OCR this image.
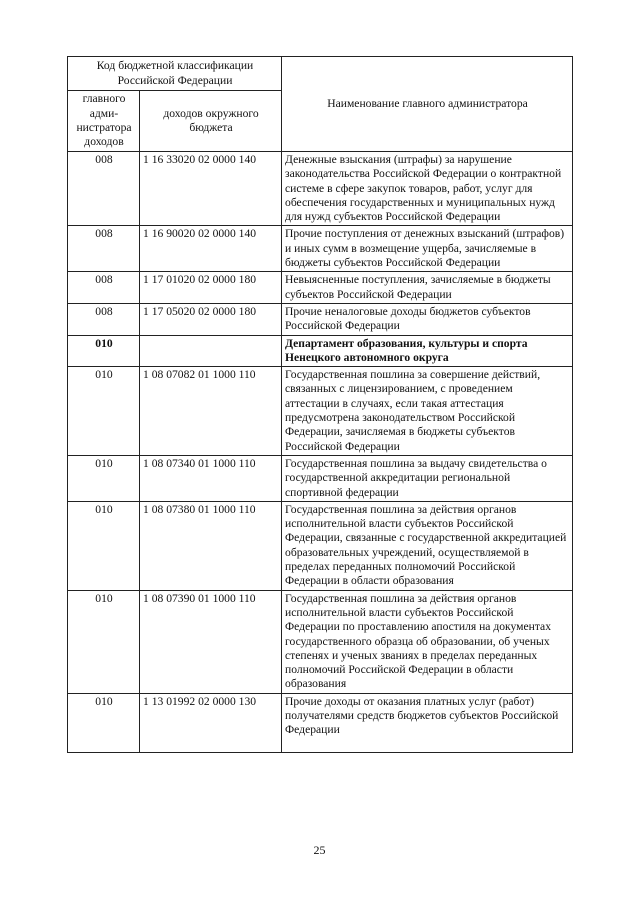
Код бюджетной классификации Российской Федерации		Наименование главного администратора
главного адми-нистратора доходов	доходов окружного бюджета	
008	1 16 33020 02 0000 140	Денежные взыскания (штрафы) за нарушение законодательства Российской Федерации о контрактной системе в сфере закупок товаров, работ, услуг для обеспечения государственных и муниципальных нужд для нужд субъектов Российской Федерации
008	1 16 90020 02 0000 140	Прочие поступления от денежных взысканий (штрафов) и иных сумм в возмещение ущерба, зачисляемые в бюджеты субъектов Российской Федерации
008	1 17 01020 02 0000 180	Невыясненные поступления, зачисляемые в бюджеты субъектов Российской Федерации
008	1 17 05020 02 0000 180	Прочие неналоговые доходы бюджетов субъектов Российской Федерации
010		Департамент образования, культуры и спорта Ненецкого автономного округа
010	1 08 07082 01 1000 110	Государственная пошлина за совершение действий, связанных с лицензированием, с проведением аттестации в случаях, если такая аттестация предусмотрена законодательством Российской Федерации, зачисляемая в бюджеты субъектов Российской Федерации
010	1 08 07340 01 1000 110	Государственная пошлина за выдачу свидетельства о государственной аккредитации региональной спортивной федерации
010	1 08 07380 01 1000 110	Государственная пошлина за действия органов исполнительной власти субъектов Российской Федерации, связанные с государственной аккредитацией образовательных учреждений, осуществляемой в пределах переданных полномочий Российской Федерации в области образования
010	1 08 07390 01 1000 110	Государственная пошлина за действия органов исполнительной власти субъектов Российской Федерации по проставлению апостиля на документах государственного образца об образовании, об ученых степенях и ученых званиях в пределах переданных полномочий Российской Федерации в области образования
010	1 13 01992 02 0000 130	Прочие доходы от оказания платных услуг (работ) получателями средств бюджетов субъектов Российской Федерации
25
